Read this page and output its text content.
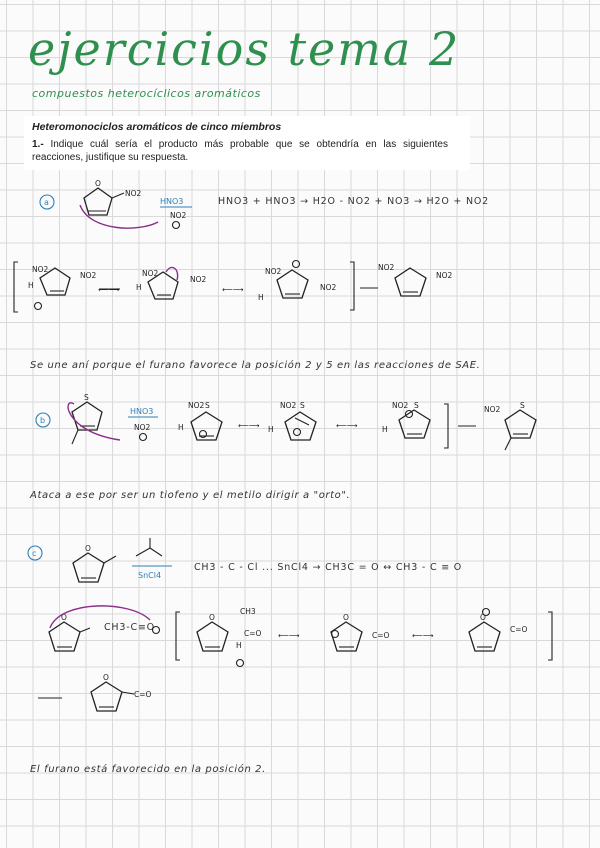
ejercicios tema 2
compuestos heterocíclicos aromáticos
Heteromonociclos aromáticos de cinco miembros
1.- Indique cuál sería el producto más probable que se obtendría en las siguientes reacciones, justifique su respuesta.
HNO3 + HNO3 → H2O - NO2 + NO3 → H2O + NO2
Se une aní porque el furano favorece la posición 2 y 5 en las reacciones de SAE.
Ataca a ese por ser un tiofeno y el metilo dirigir a "orto".
CH3 - C - Cl ... SnCl4 → CH3C = O ↔ CH3 - C ≡ O
CH3-C≡O
El furano está favorecido en la posición 2.
a
O
NO2
HNO3
NO2
NO2
NO2
H	⟵⟶
NO2
NO2
H	⟵⟶
NO2
NO2
H
NO2
NO2
b
S
HNO3
NO2
NO2 S
H	⟵⟶
NO2 S
H	⟵⟶
NO2 S
H
NO2	S
c
O
SnCl4
O	O
CH3
C=O
H
⟵⟶
O
C=O	⟵⟶
O
C=O
O
C=O
